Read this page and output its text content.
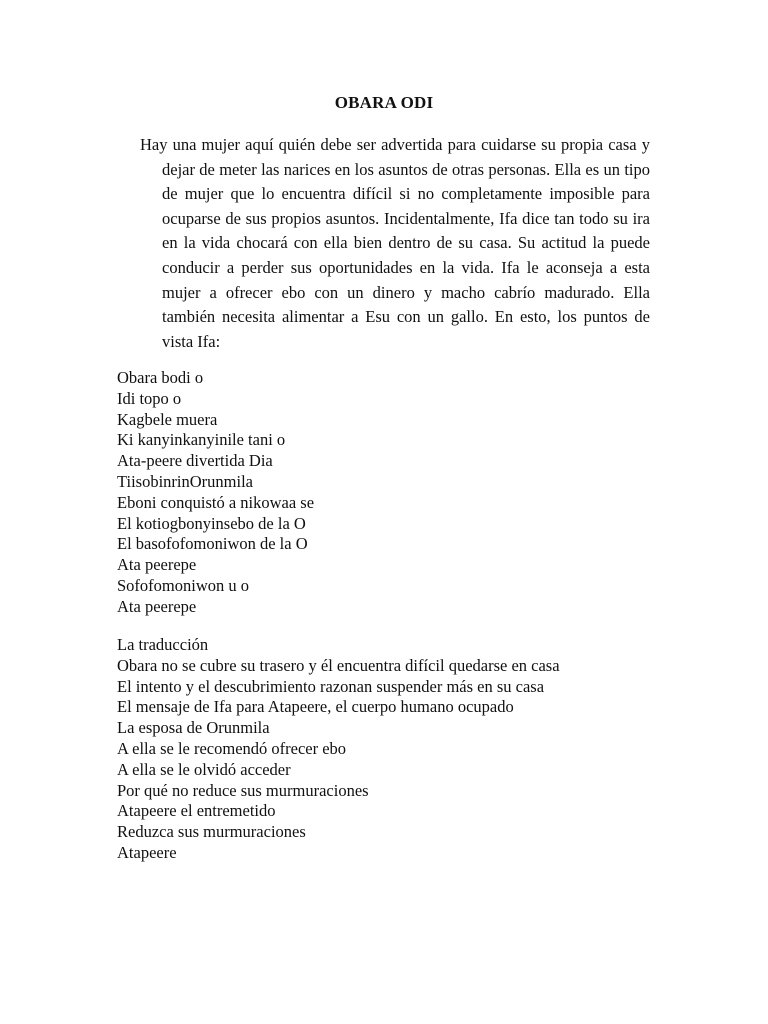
OBARA ODI

Hay una mujer aquí quién debe ser advertida para cuidarse su propia casa y dejar de meter las narices en los asuntos de otras personas. Ella es un tipo de mujer que lo encuentra difícil si no completamente imposible para ocuparse de sus propios asuntos. Incidentalmente, Ifa dice tan todo su ira en la vida chocará con ella bien dentro de su casa. Su actitud la puede conducir a perder sus oportunidades en la vida. Ifa le aconseja a esta mujer a ofrecer ebo con un dinero y macho cabrío madurado. Ella también necesita alimentar a Esu con un gallo. En esto, los puntos de vista Ifa:

Obara bodi o
Idi topo o
Kagbele muera
Ki kanyinkanyinile tani o
Ata-peere divertida Dia
TiisobinrinOrunmila
Eboni conquistó a nikowaa se
El kotiogbonyinsebo de la O
El basofofomoniwon de la O
Ata peerepe
Sofofomoniwon u o
Ata peerepe
La traducción
Obara no se cubre su trasero y él encuentra difícil quedarse en casa
El intento y el descubrimiento razonan suspender más en su casa
El mensaje de Ifa para Atapeere, el cuerpo humano ocupado
La esposa de Orunmila
A ella se le recomendó ofrecer ebo
A ella se le olvidó acceder
Por qué no reduce sus murmuraciones
Atapeere el entremetido
Reduzca sus murmuraciones
Atapeere
